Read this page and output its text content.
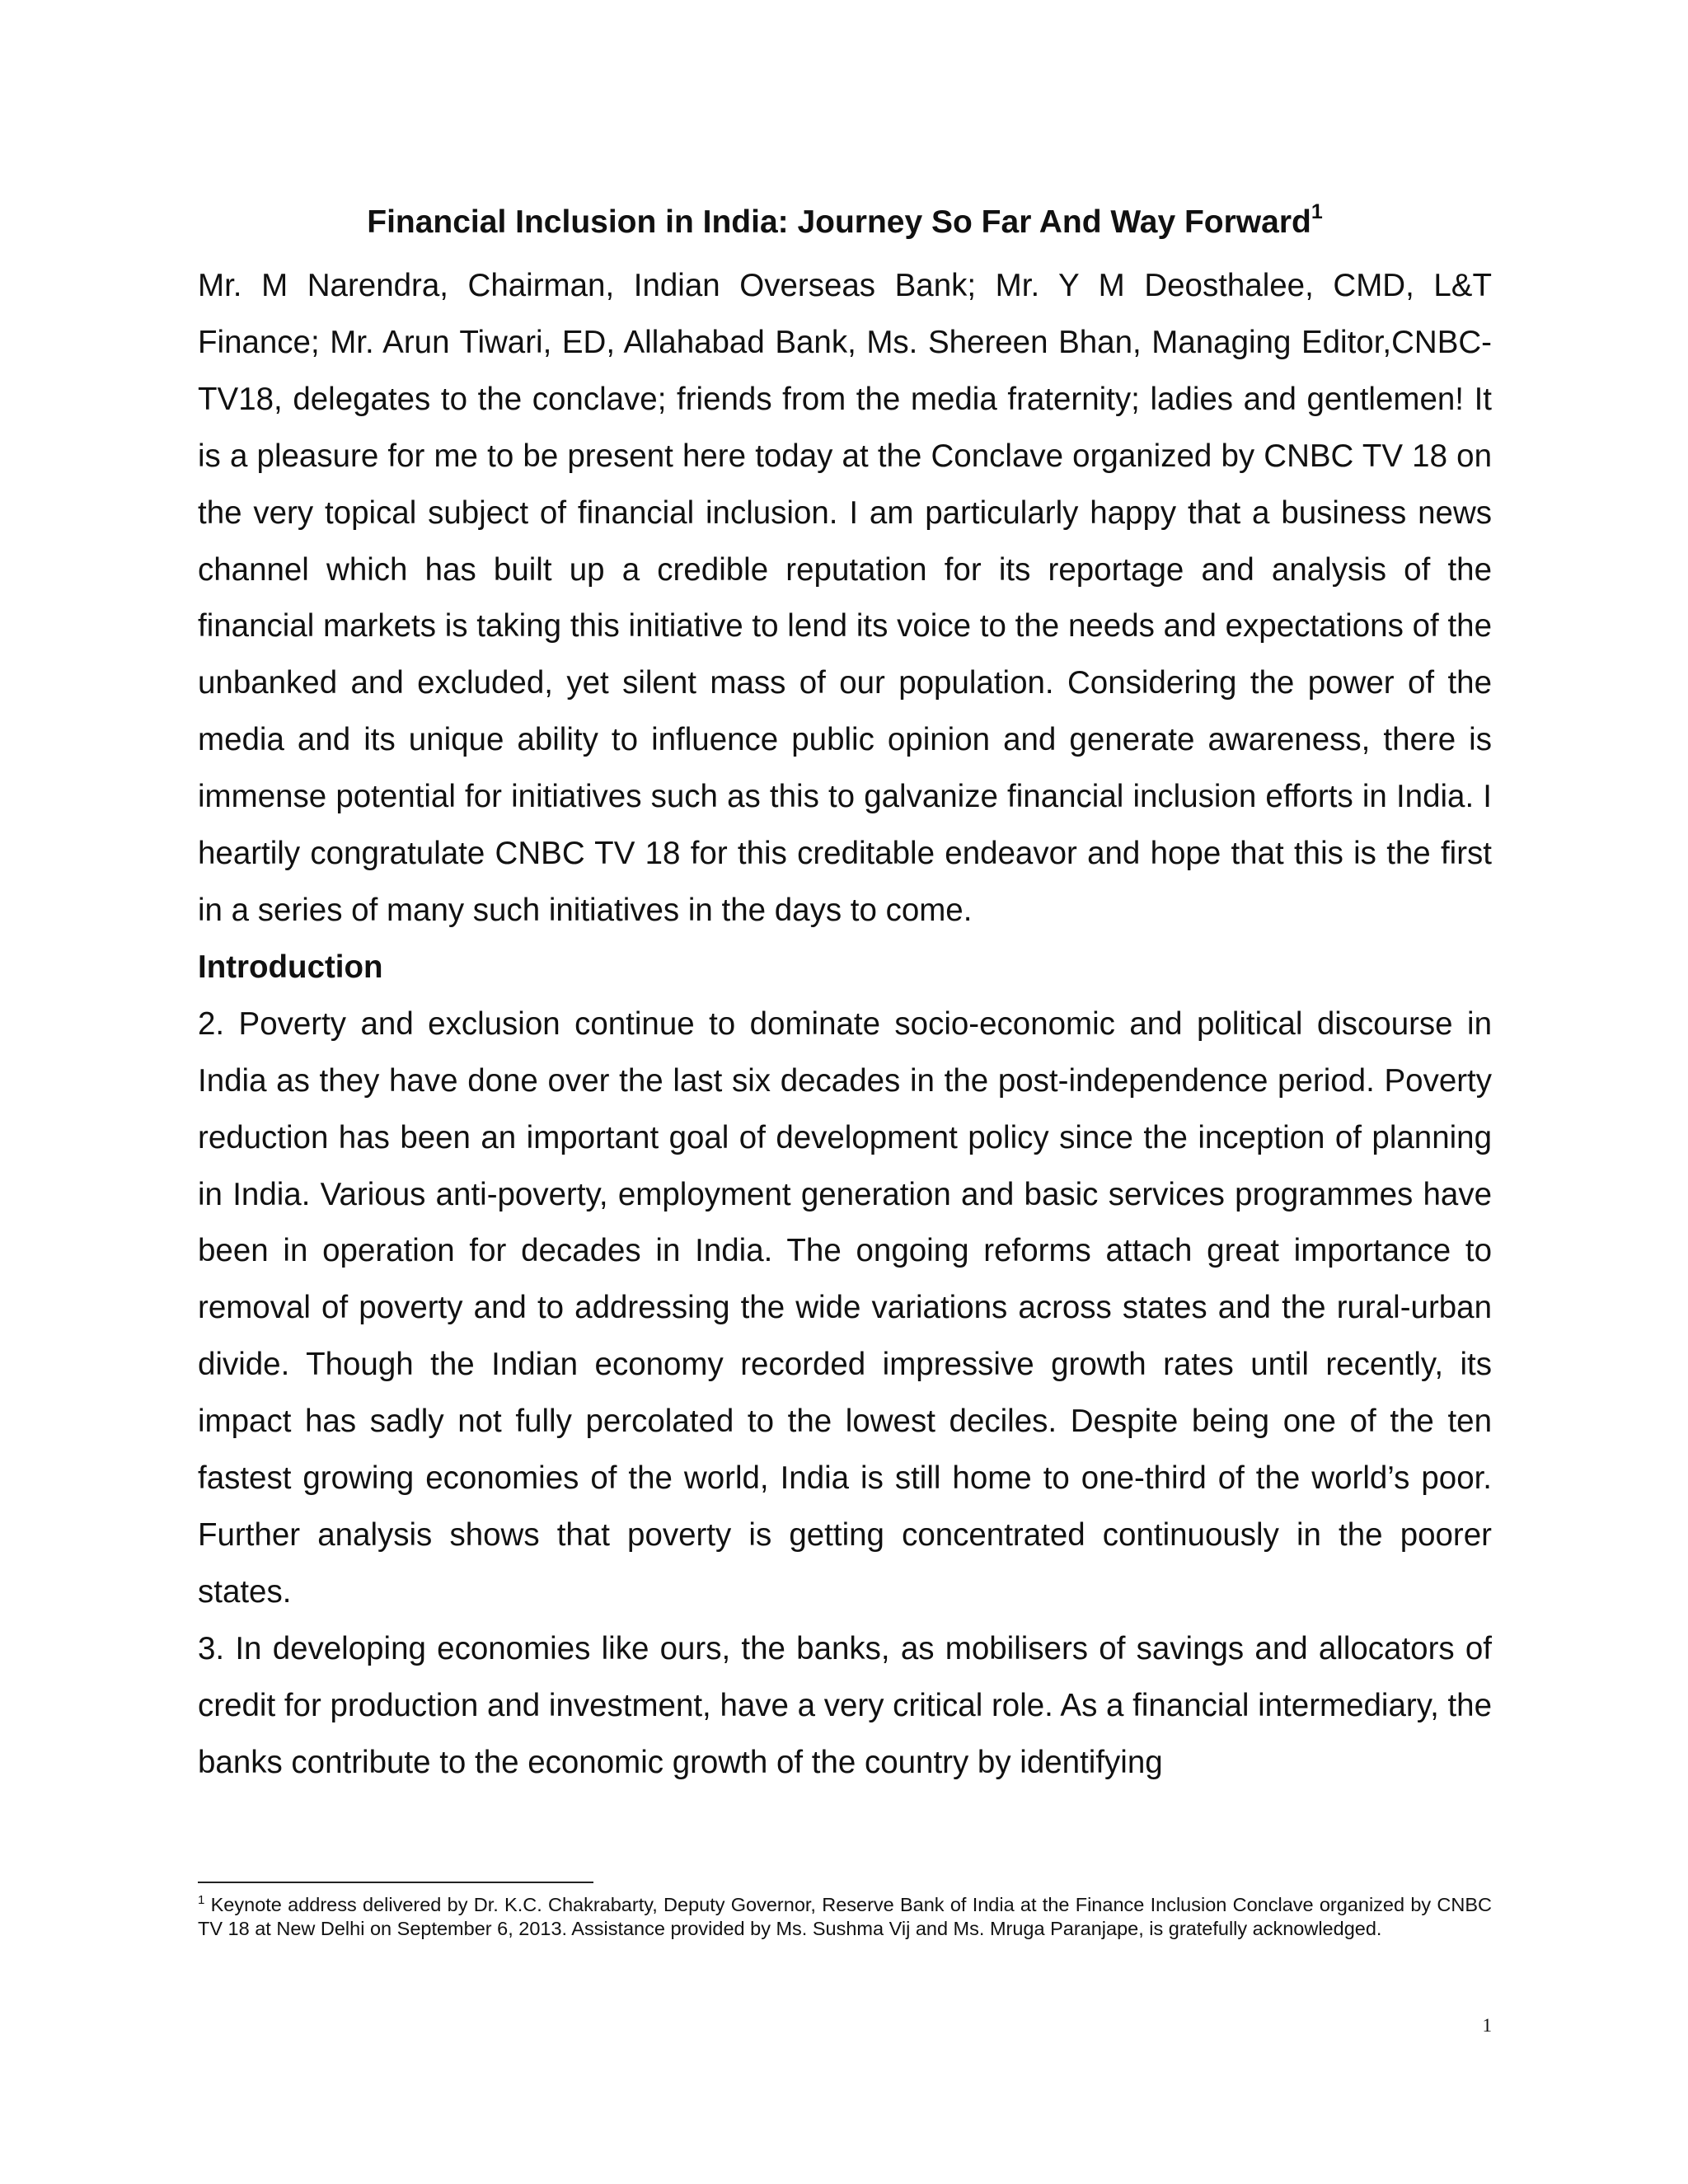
Financial Inclusion in India: Journey So Far And Way Forward$^1$

Mr. M Narendra, Chairman, Indian Overseas Bank; Mr. Y M Deosthalee, CMD, L&T Finance; Mr. Arun Tiwari, ED, Allahabad Bank, Ms. Shereen Bhan, Managing Editor,CNBC-TV18, delegates to the conclave; friends from the media fraternity; ladies and gentlemen! It is a pleasure for me to be present here today at the Conclave organized by CNBC TV 18 on the very topical subject of financial inclusion. I am particularly happy that a business news channel which has built up a credible reputation for its reportage and analysis of the financial markets is taking this initiative to lend its voice to the needs and expectations of the unbanked and excluded, yet silent mass of our population. Considering the power of the media and its unique ability to influence public opinion and generate awareness, there is immense potential for initiatives such as this to galvanize financial inclusion efforts in India. I heartily congratulate CNBC TV 18 for this creditable endeavor and hope that this is the first in a series of many such initiatives in the days to come.

Introduction

2. Poverty and exclusion continue to dominate socio-economic and political discourse in India as they have done over the last six decades in the post-independence period. Poverty reduction has been an important goal of development policy since the inception of planning in India. Various anti-poverty, employment generation and basic services programmes have been in operation for decades in India. The ongoing reforms attach great importance to removal of poverty and to addressing the wide variations across states and the rural-urban divide. Though the Indian economy recorded impressive growth rates until recently, its impact has sadly not fully percolated to the lowest deciles. Despite being one of the ten fastest growing economies of the world, India is still home to one-third of the world’s poor. Further analysis shows that poverty is getting concentrated continuously in the poorer states.

3. In developing economies like ours, the banks, as mobilisers of savings and allocators of credit for production and investment, have a very critical role. As a financial intermediary, the banks contribute to the economic growth of the country by identifying

$^1$ Keynote address delivered by Dr. K.C. Chakrabarty, Deputy Governor, Reserve Bank of India at the Finance Inclusion Conclave organized by CNBC TV 18 at New Delhi on September 6, 2013. Assistance provided by Ms. Sushma Vij and Ms. Mruga Paranjape, is gratefully acknowledged.
1
